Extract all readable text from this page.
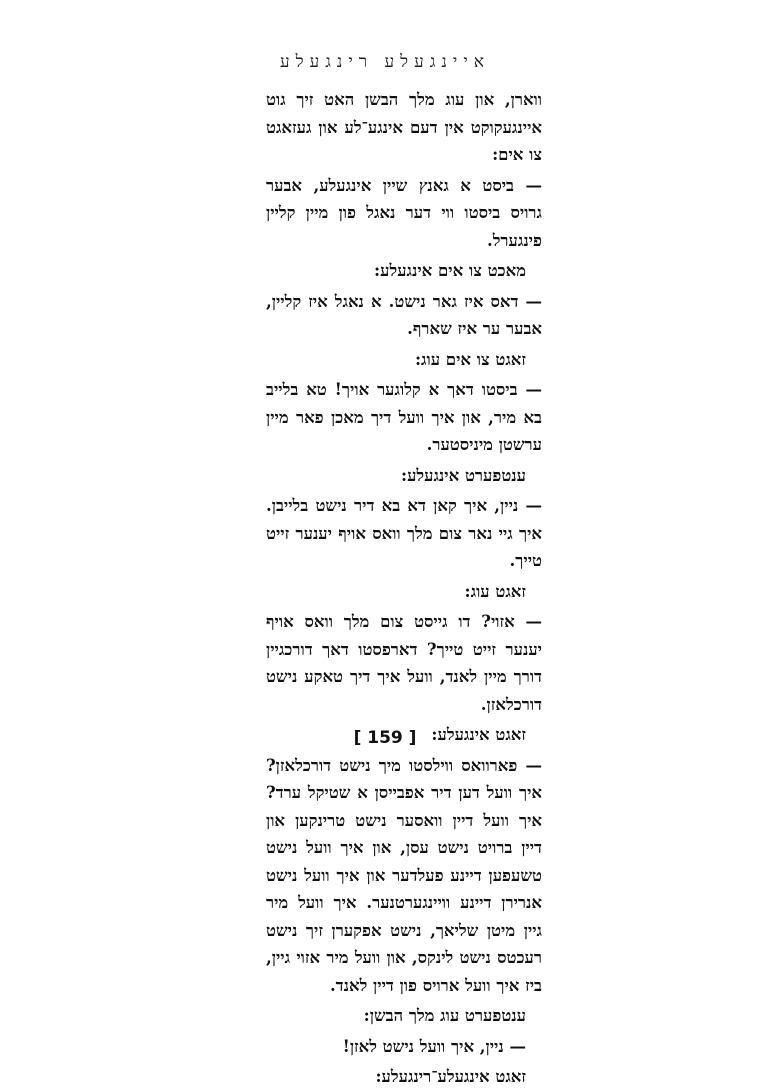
איינגעלע רינגעלע

ווארן, און עוג מלך הבשן האט זיך גוט איינגעקוקט אין דעם אינגע־לע און געזאגט צו אים:

— ביסט א גאנץ שיין אינגעלע, אבער גרויס ביסטו ווי דער נאגל פון מיין קליין פינגערל.

מאכט צו אים אינגעלע:

— דאס איז גאר נישט. א נאגל איז קליין, אבער ער איז שארף.

זאגט צו אים עוג:

— ביסטו דאך א קלוגער אויך! טא בלייב בא מיר, און איך וועל דיך מאכן פאר מיין ערשטן מיניסטער.

ענטפערט אינגעלע:

— ניין, איך קאן דא בא דיר נישט בלייבן. איך גיי נאר צום מלך וואס אויף יענער זייט טייך.

זאגט עוג:

— אזוי? דו גייסט צום מלך וואס אויף יענער זייט טייך? דארפסטו דאך דורכגיין דורך מיין לאנד, וועל איך דיך טאקע נישט דורכלאזן.

זאגט אינגעלע:

— פארוואס ווילסטו מיך נישט דורכלאזן? איך וועל דען דיר אפבייסן א שטיקל ערד? איך וועל דיין וואסער נישט טרינקען און דיין ברויט נישט עסן, און איך וועל נישט טשעפען דיינע פעלדער און איך וועל נישט אנרירן דיינע וויינגערטנער. איך וועל מיר גיין מיטן שליאך, נישט אפקערן זיך נישט רעכטס נישט לינקס, און וועל מיר אזוי גיין, ביז איך וועל ארויס פון דיין לאנד.

ענטפערט עוג מלך הבשן:

— ניין, איך וועל נישט לאזן!

זאגט אינגעלע־רינגעלע:

[ 159 ]
